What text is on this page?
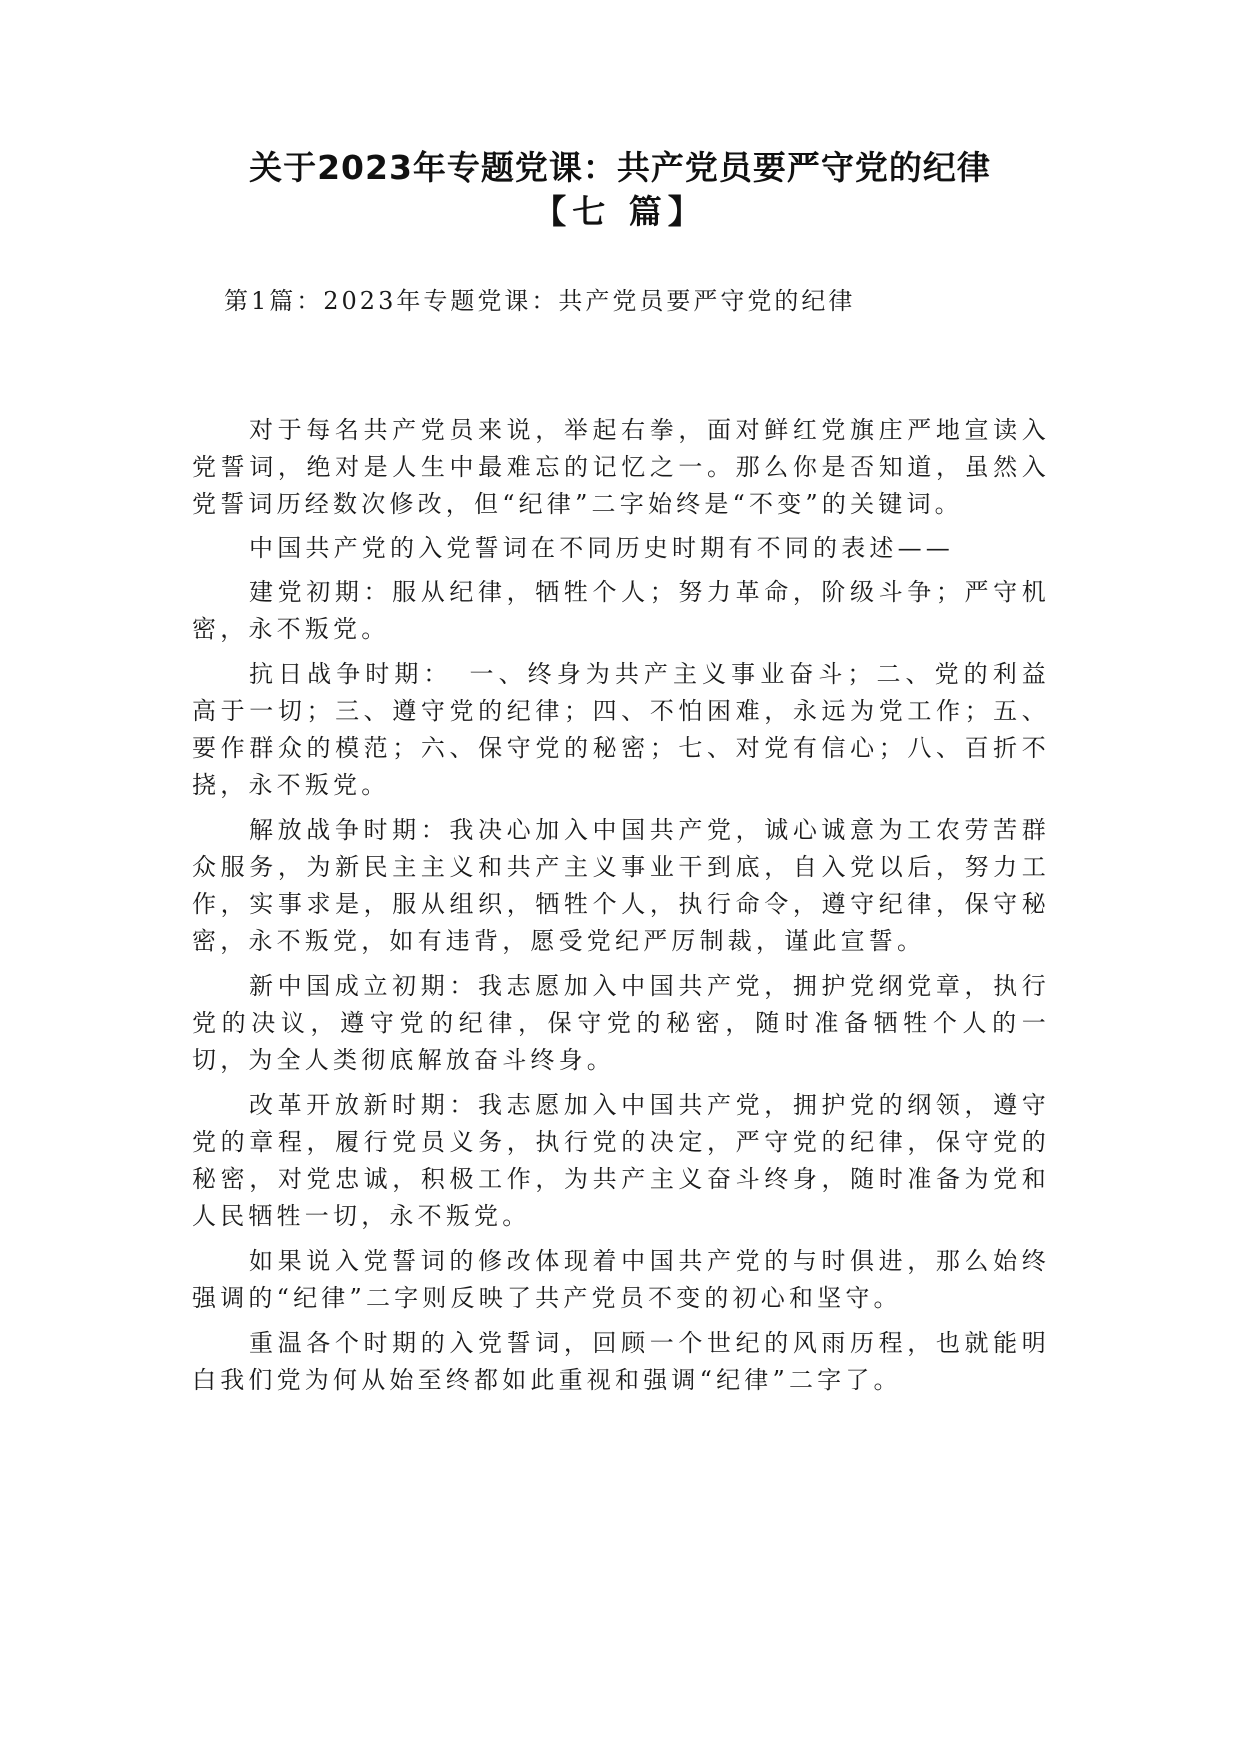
关于2023年专题党课：共产党员要严守党的纪律
【七 篇】
第1篇：2023年专题党课：共产党员要严守党的纪律

对于每名共产党员来说，举起右拳，面对鲜红党旗庄严地宣读入党誓词，绝对是人生中最难忘的记忆之一。那么你是否知道，虽然入党誓词历经数次修改，但“纪律”二字始终是“不变”的关键词。

中国共产党的入党誓词在不同历史时期有不同的表述——

建党初期：服从纪律，牺牲个人；努力革命，阶级斗争；严守机密，永不叛党。

抗日战争时期：　一、终身为共产主义事业奋斗；二、党的利益高于一切；三、遵守党的纪律；四、不怕困难，永远为党工作；五、要作群众的模范；六、保守党的秘密；七、对党有信心；八、百折不挠，永不叛党。

解放战争时期：我决心加入中国共产党，诚心诚意为工农劳苦群众服务，为新民主主义和共产主义事业干到底，自入党以后，努力工作，实事求是，服从组织，牺牲个人，执行命令，遵守纪律，保守秘密，永不叛党，如有违背，愿受党纪严厉制裁，谨此宣誓。

新中国成立初期：我志愿加入中国共产党，拥护党纲党章，执行党的决议，遵守党的纪律，保守党的秘密，随时准备牺牲个人的一切，为全人类彻底解放奋斗终身。

改革开放新时期：我志愿加入中国共产党，拥护党的纲领，遵守党的章程，履行党员义务，执行党的决定，严守党的纪律，保守党的秘密，对党忠诚，积极工作，为共产主义奋斗终身，随时准备为党和人民牺牲一切，永不叛党。

如果说入党誓词的修改体现着中国共产党的与时俱进，那么始终强调的“纪律”二字则反映了共产党员不变的初心和坚守。

重温各个时期的入党誓词，回顾一个世纪的风雨历程，也就能明白我们党为何从始至终都如此重视和强调“纪律”二字了。
